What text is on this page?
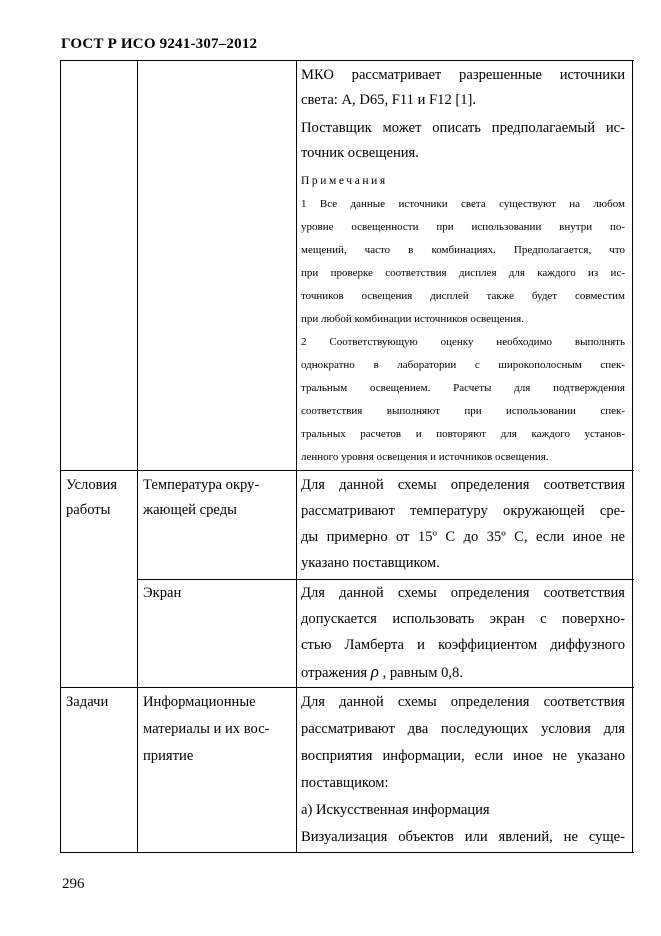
ГОСТ Р ИСО 9241-307–2012
МКО рассматривает разрешенные источники
света: А, D65, F11 и F12 [1].
Поставщик может описать предполагаемый ис-
точник освещения.
Примечания
1 Все данные источники света существуют на любом
уровне освещенности при использовании внутри по-
мещений, часто в комбинациях. Предполагается, что
при проверке соответствия дисплея для каждого из ис-
точников освещения дисплей также будет совместим
при любой комбинации источников освещения.
2 Соответствующую оценку необходимо выполнять
однократно в лаборатории с широкополосным спек-
тральным освещением. Расчеты для подтверждения
соответствия выполняют при использовании спек-
тральных расчетов и повторяют для каждого установ-
ленного уровня освещения и источников освещения.
Условия
работы
Температура окру-
жающей среды
Для данной схемы определения соответствия
рассматривают температуру окружающей сре-
ды примерно от 15º С до 35º С, если иное не
указано поставщиком.
Экран	Для данной схемы определения соответствия
допускается использовать экран с поверхно-
стью Ламберта и коэффициентом диффузного
отражения ρ , равным 0,8.
Задачи Информационные
материалы и их вос-
приятие
Для данной схемы определения соответствия
рассматривают два последующих условия для
восприятия информации, если иное не указано
поставщиком:
а) Искусственная информация
Визуализация объектов или явлений, не суще-
296
